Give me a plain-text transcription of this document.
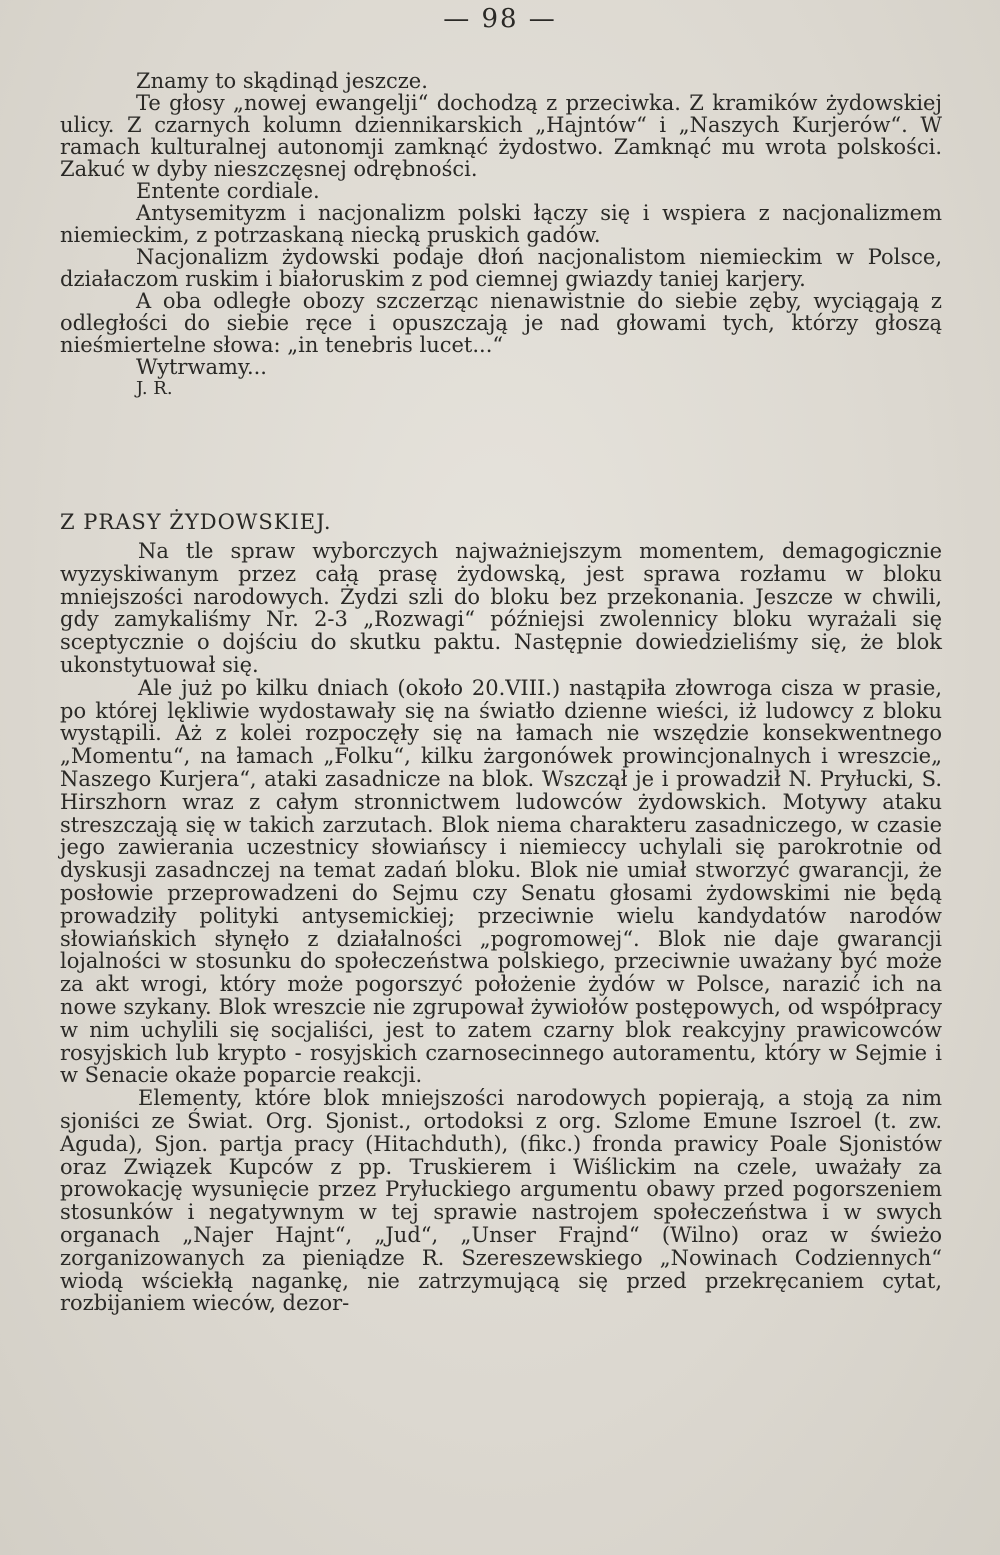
— 98 —

Znamy to skądinąd jeszcze.

Te głosy „nowej ewangelji“ dochodzą z przeciwka. Z kramików żydowskiej ulicy. Z czarnych kolumn dziennikarskich „Hajntów“ i „Naszych Kurjerów“. W ramach kulturalnej autonomji zamknąć żydostwo. Zamknąć mu wrota polskości. Zakuć w dyby nieszczęsnej odrębności.

Entente cordiale.

Antysemityzm i nacjonalizm polski łączy się i wspiera z nacjonalizmem niemieckim, z potrzaskaną niecką pruskich gadów.

Nacjonalizm żydowski podaje dłoń nacjonalistom niemieckim w Polsce, działaczom ruskim i białoruskim z pod ciemnej gwiazdy taniej karjery.

A oba odległe obozy szczerząc nienawistnie do siebie zęby, wyciągają z odległości do siebie ręce i opuszczają je nad głowami tych, którzy głoszą nieśmiertelne słowa: „in tenebris lucet...“

Wytrwamy...

J. R.

Z PRASY ŻYDOWSKIEJ.

Na tle spraw wyborczych najważniejszym momentem, demagogicznie wyzyskiwanym przez całą prasę żydowską, jest sprawa rozłamu w bloku mniejszości narodowych. Żydzi szli do bloku bez przekonania. Jeszcze w chwili, gdy zamykaliśmy Nr. 2-3 „Rozwagi“ późniejsi zwolennicy bloku wyrażali się sceptycznie o dojściu do skutku paktu. Następnie dowiedzieliśmy się, że blok ukonstytuował się.

Ale już po kilku dniach (około 20.VIII.) nastąpiła złowroga cisza w prasie, po której lękliwie wydostawały się na światło dzienne wieści, iż ludowcy z bloku wystąpili. Aż z kolei rozpoczęły się na łamach nie wszędzie konsekwentnego „Momentu“, na łamach „Folku“, kilku żargonówek prowincjonalnych i wreszcie„ Naszego Kurjera“, ataki zasadnicze na blok. Wszczął je i prowadził N. Pryłucki, S. Hirszhorn wraz z całym stronnictwem ludowców żydowskich. Motywy ataku streszczają się w takich zarzutach. Blok niema charakteru zasadniczego, w czasie jego zawierania uczestnicy słowiańscy i niemieccy uchylali się parokrotnie od dyskusji zasadnczej na temat zadań bloku. Blok nie umiał stworzyć gwarancji, że posłowie przeprowadzeni do Sejmu czy Senatu głosami żydowskimi nie będą prowadziły polityki antysemickiej; przeciwnie wielu kandydatów narodów słowiańskich słynęło z działalności „pogromowej“. Blok nie daje gwarancji lojalności w stosunku do społeczeństwa polskiego, przeciwnie uważany być może za akt wrogi, który może pogorszyć położenie żydów w Polsce, narazić ich na nowe szykany. Blok wreszcie nie zgrupował żywiołów postępowych, od współpracy w nim uchylili się socjaliści, jest to zatem czarny blok reakcyjny prawicowców rosyjskich lub krypto - rosyjskich czarnosecinnego autoramentu, który w Sejmie i w Senacie okaże poparcie reakcji.

Elementy, które blok mniejszości narodowych popierają, a stoją za nim sjoniści ze Świat. Org. Sjonist., ortodoksi z org. Szlome Emune Iszroel (t. zw. Aguda), Sjon. partja pracy (Hitachduth), (fikc.) fronda prawicy Poale Sjonistów oraz Związek Kupców z pp. Truskierem i Wiślickim na czele, uważały za prowokację wysunięcie przez Pryłuckiego argumentu obawy przed pogorszeniem stosunków i negatywnym w tej sprawie nastrojem społeczeństwa i w swych organach „Najer Hajnt“, „Jud“, „Unser Frajnd“ (Wilno) oraz w świeżo zorganizowanych za pieniądze R. Szereszewskiego „Nowinach Codziennych“ wiodą wściekłą nagankę, nie zatrzymującą się przed przekręcaniem cytat, rozbijaniem wieców, dezor-
